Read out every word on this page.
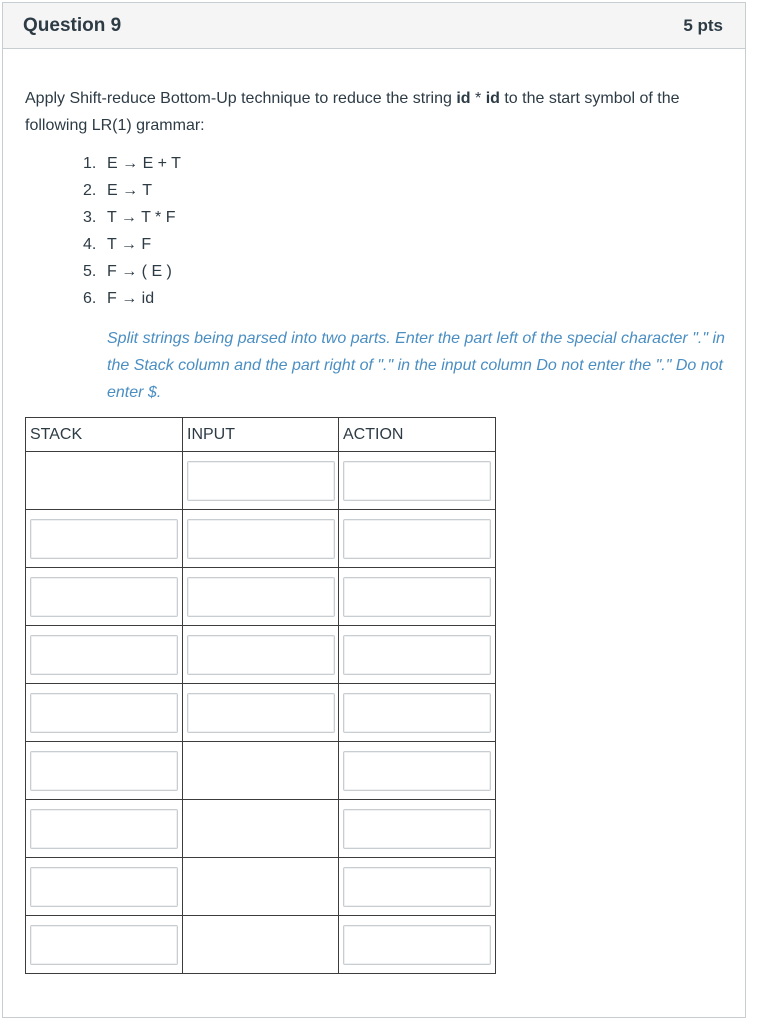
Question 9	5 pts
Apply Shift-reduce Bottom-Up technique to reduce the string id * id to the start symbol of the following LR(1) grammar:
1. E → E + T
2. E → T
3. T → T * F
4. T → F
5. F → ( E )
6. F → id
Split strings being parsed into two parts. Enter the part left of the special character "." in the Stack column and the part right of "." in the input column Do not enter the "." Do not enter $.
STACK	INPUT	ACTION
